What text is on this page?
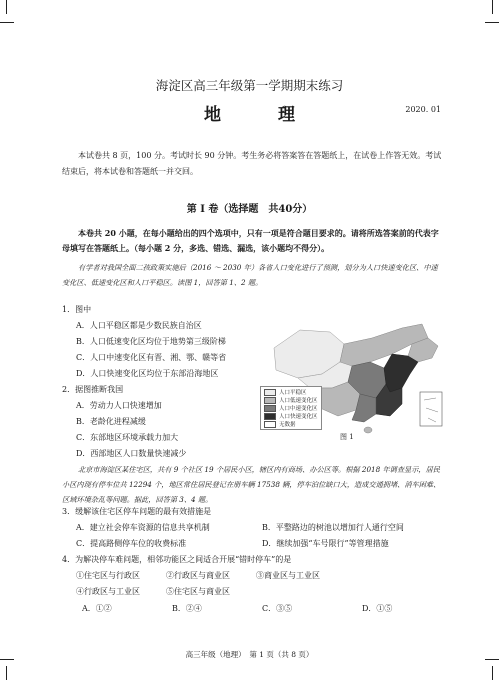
海淀区高三年级第一学期期末练习
地　理	2020. 01
本试卷共 8 页，100 分。考试时长 90 分钟。考生务必将答案答在答题纸上，在试卷上作答无效。考试结束后，将本试卷和答题纸一并交回。
第 I 卷（选择题　共40分）
本卷共 20 小题，在每小题给出的四个选项中，只有一项是符合题目要求的。请将所选答案前的代表字母填写在答题纸上。（每小题 2 分，多选、错选、漏选，该小题均不得分）。
有学者对我国全面二孩政策实施后（2016 ～ 2030 年）各省人口变化进行了预测，划分为人口快速变化区、中速变化区、低速变化区和人口平稳区。读图 1，回答第 1、2 题。
1．图中
A．人口平稳区都是少数民族自治区
B．人口低速变化区均位于地势第三级阶梯
C．人口中速变化区有晋、湘、鄂、赣等省
D．人口快速变化区均位于东部沿海地区
2．据图推断我国
A．劳动力人口快速增加
B．老龄化进程减缓
C．东部地区环境承载力加大
D．西部地区人口数量快速减少
人口平稳区
人口低速变化区
人口中速变化区
人口快速变化区
无数据
图 1
北京市海淀区某住宅区，共有 9 个社区 19 个居民小区，辖区内有商场、办公区等。根据 2018 年调查显示，居民小区内现有停车位共 12294 个，地区常住居民登记在册车辆 17538 辆，停车泊位缺口大，造成交通拥堵、消车困难、区域环境杂乱等问题。据此，回答第 3、4 题。
3．缓解该住宅区停车问题的最有效措施是
A．建立社会停车资源的信息共享机制	B．平整路边的树池以增加行人通行空间
C．提高路侧停车位的收费标准	D．继续加强“车号限行”等管理措施
4．为解决停车难问题，相邻功能区之间适合开展“错时停车”的是
①住宅区与行政区	②行政区与商业区	③商业区与工业区
④行政区与工业区	⑤住宅区与商业区
A．①②	B．②④	C．③⑤	D．①⑤
高三年级（地理）　第 1 页（共 8 页）
